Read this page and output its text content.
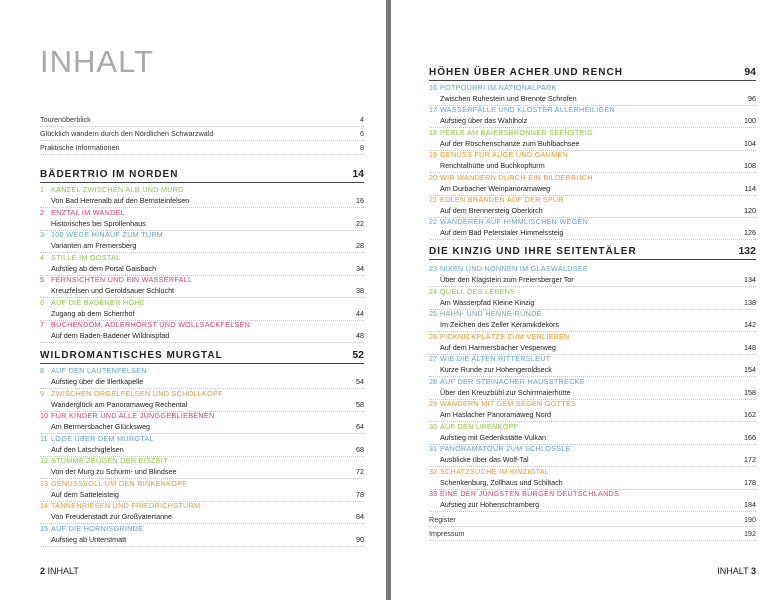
INHALT
Tourenüberblick	4
Glücklich wandern durch den Nördlichen Schwarzwald	6
Praktische Informationen	8
BÄDERTRIO IM NORDEN	14
1 KANZEL ZWISCHEN ALB UND MURG
Von Bad Herrenalb auf den Bernsteinfelsen	16
2 ENZTAL IM WANDEL
Historisches bei Sprollenhaus	22
3 100 WEGE HINAUF ZUM TURM
Varianten am Fremersberg	28
4 STILLE IM OOSTAL
Aufstieg ab dem Portal Gaisbach	34
5 FERNSICHTEN UND EIN WASSERFALL
Kreuzfelsen und Geroldsauer Schlucht	38
6 AUF DIE BADENER HÖHE
Zugang ab dem Scherrhof	44
7 BUCHENDOM, ADLERHORST UND WOLLSACKFELSEN
Auf dem Baden-Badener Wildnispfad	48
WILDROMANTISCHES MURGTAL	52
8 AUF DEN LAUTENFELSEN
Aufstieg über die Illertkapelle	54
9 ZWISCHEN ORGELFELSEN UND SCHÖLLKOPF
Wanderglück am Panoramaweg Rechental	58
10 FÜR KINDER UND ALLE JUNGGEBLIEBENEN
Am Bermersbacher Glücksweg	64
11 LOGE ÜBER DEM MURGTAL
Auf den Latschigfelsen	68
12 STUMME ZEUGEN DER EISZEIT
Von der Murg zu Schurm- und Blindsee	72
13 GENUSSVOLL UM DEN RINKENKOPF
Auf dem Satteleisteig	78
14 TANNENRIESEN UND FRIEDRICHSTURM
Von Freudenstadt zur Großvatertanne	84
15 AUF DIE HORNISGRINDE
Aufstieg ab Unterstmatt	90
2 INHALT
HÖHEN ÜBER ACHER UND RENCH	94
16 POTPOURRI IM NATIONALPARK
Zwischen Ruhestein und Brennte Schrofen	96
17 WASSERFÄLLE UND KLOSTER ALLERHEILIGEN
Aufstieg über das Wahlholz	100
18 PERLE AM BAIERSBRONNER SEENSTEIG
Auf der Röschenschanze zum Buhlbachsee	104
19 GENUSS FÜR AUGE UND GAUMEN
Renchtalhütte und Buchkopfturm	108
20 WIR WANDERN DURCH EIN BILDERBUCH
Am Durbacher Weinpanoramaweg	114
21 EDLEN BRÄNDEN AUF DER SPUR
Auf dem Brennersteig Oberkirch	120
22 WANDERER AUF HIMMLISCHEN WEGEN
Auf dem Bad Peterstaler Himmelssteig	126
DIE KINZIG UND IHRE SEITENTÄLER	132
23 NIXEN UND NONNEN IM GLASWALDSEE
Über den Klagstein zum Freiersberger Tor	134
24 QUELL DES LEBENS
Am Wasserpfad Kleine Kinzig	138
25 HAHN- UND HENNE-RUNDE
Im Zeichen des Zeller Keramikdekors	142
26 PICKNICKPLÄTZE ZUM VERLIEBEN
Auf dem Harmersbacher Vesperweg	148
27 WIE DIE ALTEN RITTERSLEUT'
Kurze Runde zur Hohengeroldseck	154
28 AUF DER STEINACHER HAUSSTRECKE
Über den Kreuzbühl zur Schirrmaierhütte	158
29 WANDERN MIT DEM SEGEN GOTTES
Am Haslacher Panoramaweg Nord	162
30 AUF DEN URENKOPF
Aufstieg mit Gedenkstätte Vulkan	166
31 PANORAMATOUR ZUM SCHLÖSSLE
Ausblicke über das Wolf-Tal	172
32 SCHATZSUCHE IM KINZIGTAL
Schenkenburg, Zollhaus und Schiltach	178
33 EINE DER JÜNGSTEN BURGEN DEUTSCHLANDS
Aufstieg zur Hohenschramberg	184
Register	190
Impressum	192
INHALT 3
